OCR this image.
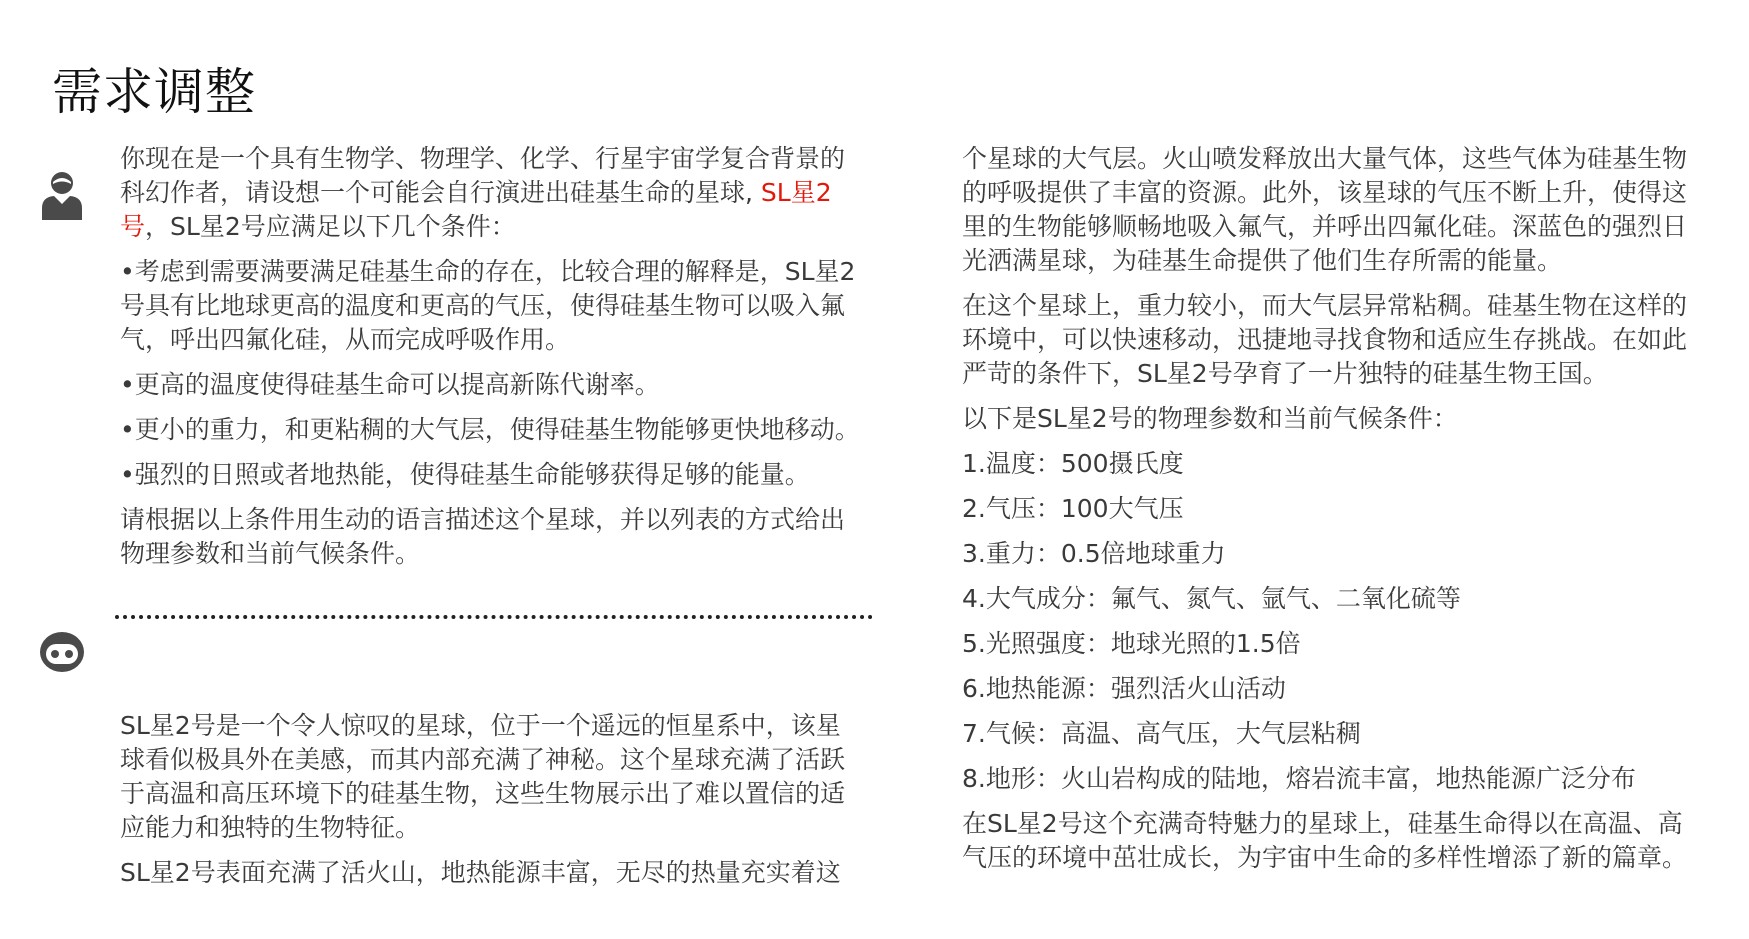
需求调整

你现在是一个具有生物学、物理学、化学、行星宇宙学复合背景的科幻作者，请设想一个可能会自行演进出硅基生命的星球, SL星2号，SL星2号应满足以下几个条件：

•考虑到需要满要满足硅基生命的存在，比较合理的解释是，SL星2号具有比地球更高的温度和更高的气压，使得硅基生物可以吸入氟气，呼出四氟化硅，从而完成呼吸作用。

•更高的温度使得硅基生命可以提高新陈代谢率。

•更小的重力，和更粘稠的大气层，使得硅基生物能够更快地移动。

•强烈的日照或者地热能，使得硅基生命能够获得足够的能量。

请根据以上条件用生动的语言描述这个星球，并以列表的方式给出物理参数和当前气候条件。

SL星2号是一个令人惊叹的星球，位于一个遥远的恒星系中，该星球看似极具外在美感，而其内部充满了神秘。这个星球充满了活跃于高温和高压环境下的硅基生物，这些生物展示出了难以置信的适应能力和独特的生物特征。

SL星2号表面充满了活火山，地热能源丰富，无尽的热量充实着这

个星球的大气层。火山喷发释放出大量气体，这些气体为硅基生物的呼吸提供了丰富的资源。此外，该星球的气压不断上升，使得这里的生物能够顺畅地吸入氟气，并呼出四氟化硅。深蓝色的强烈日光洒满星球，为硅基生命提供了他们生存所需的能量。

在这个星球上，重力较小，而大气层异常粘稠。硅基生物在这样的环境中，可以快速移动，迅捷地寻找食物和适应生存挑战。在如此严苛的条件下，SL星2号孕育了一片独特的硅基生物王国。

以下是SL星2号的物理参数和当前气候条件：

1.温度：500摄氏度

2.气压：100大气压

3.重力：0.5倍地球重力

4.大气成分：氟气、氮气、氩气、二氧化硫等

5.光照强度：地球光照的1.5倍

6.地热能源：强烈活火山活动

7.气候：高温、高气压，大气层粘稠

8.地形：火山岩构成的陆地，熔岩流丰富，地热能源广泛分布

在SL星2号这个充满奇特魅力的星球上，硅基生命得以在高温、高气压的环境中茁壮成长，为宇宙中生命的多样性增添了新的篇章。
